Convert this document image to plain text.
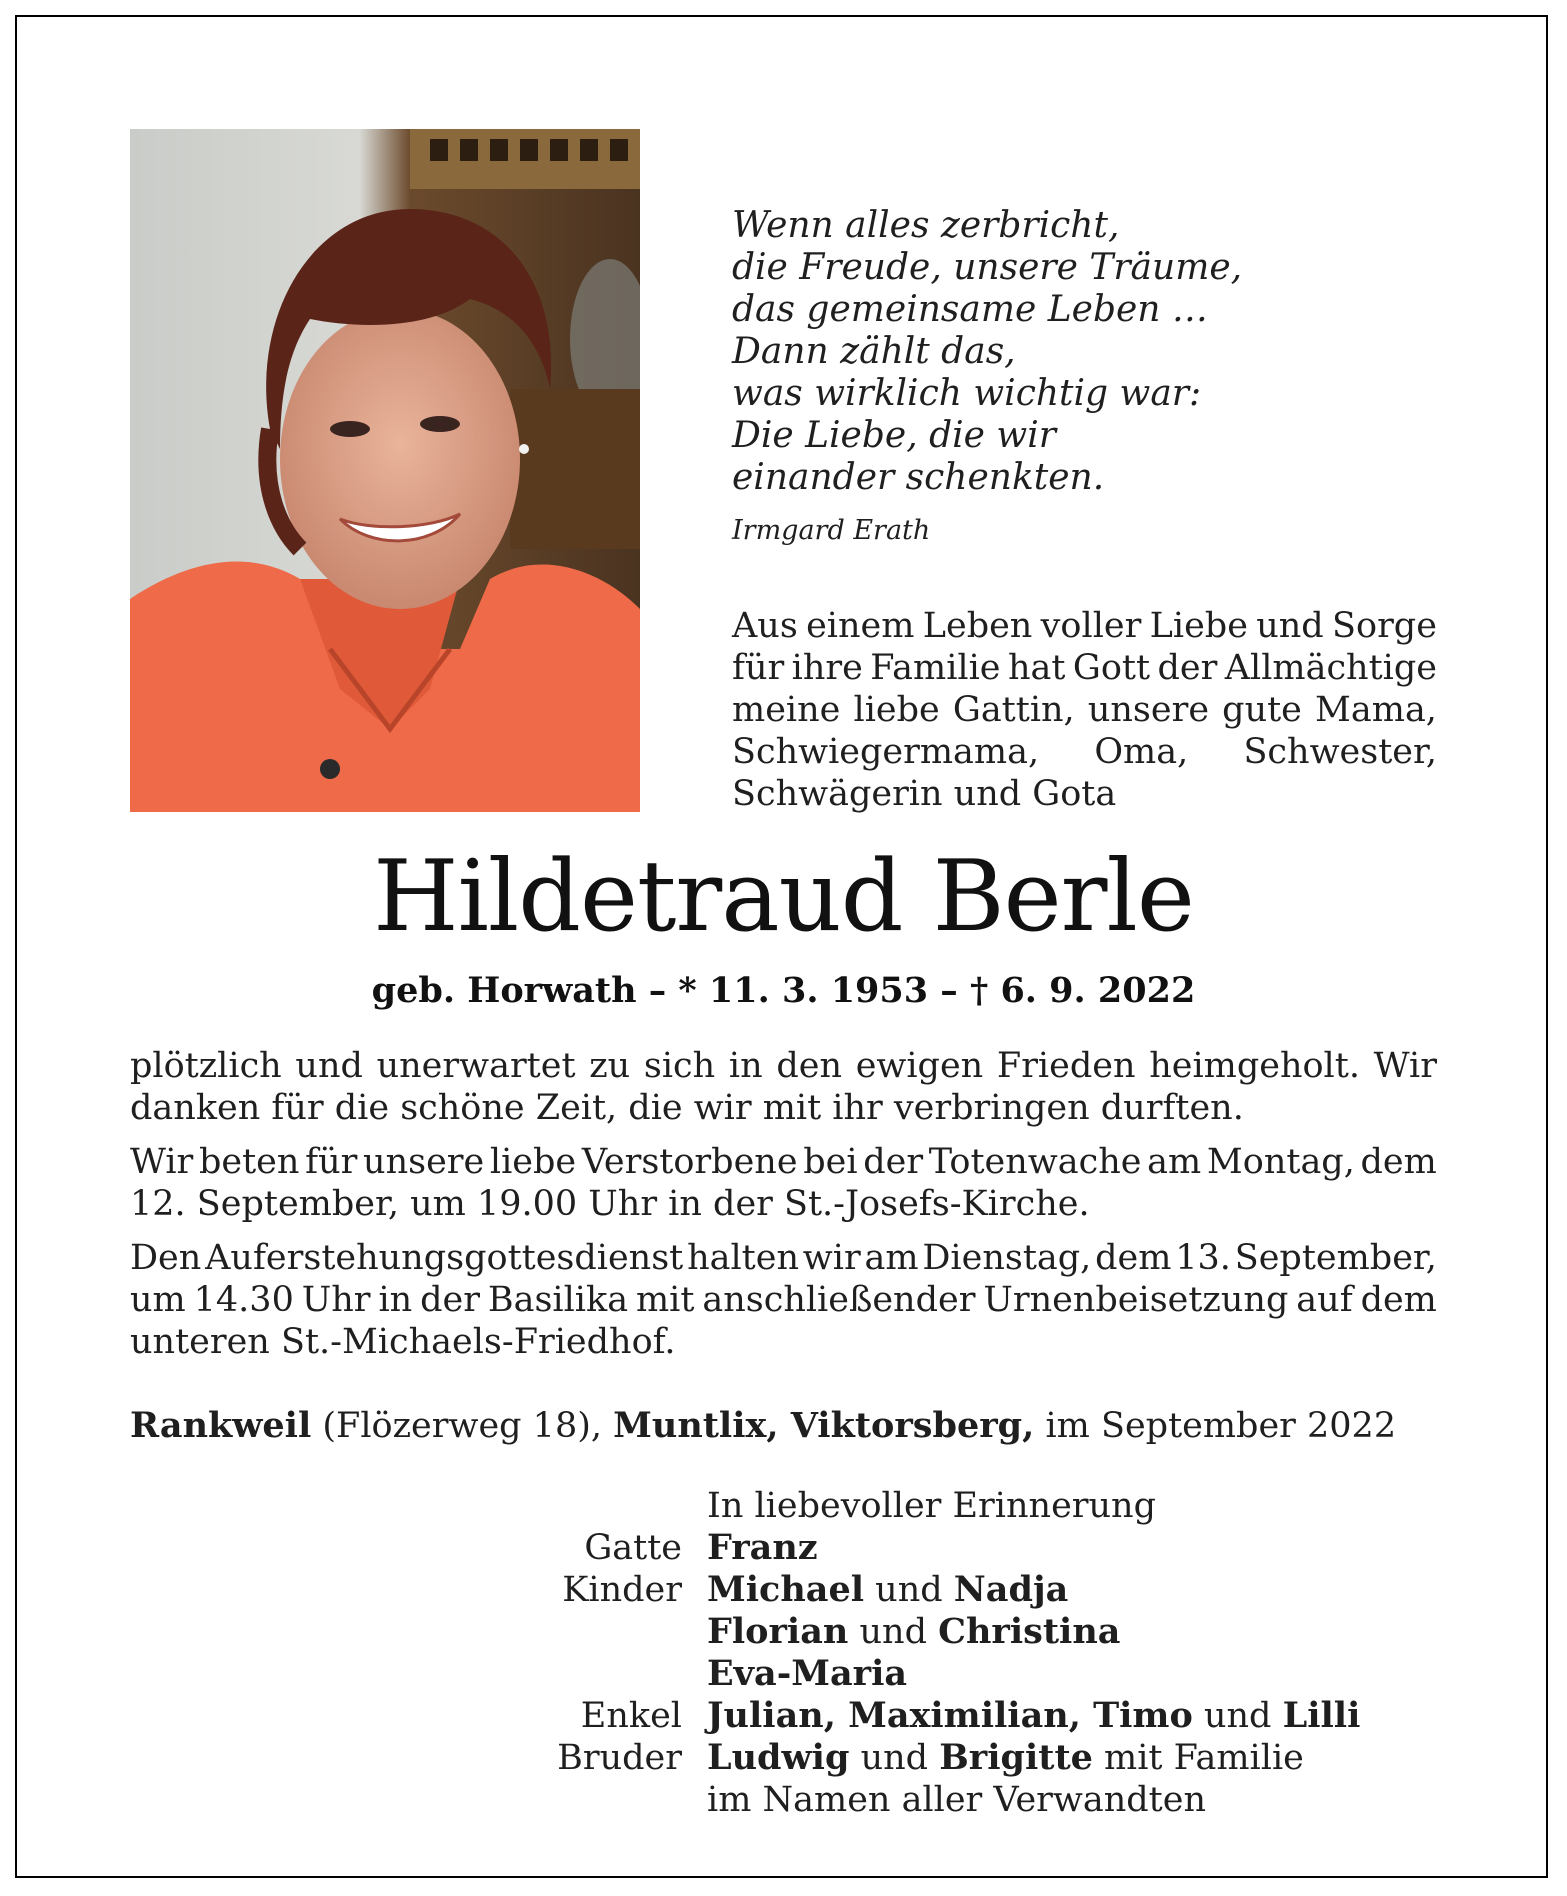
Wenn alles zerbricht,
die Freude, unsere Träume,
das gemeinsame Leben …
Dann zählt das,
was wirklich wichtig war:
Die Liebe, die wir
einander schenkten.
Irmgard Erath
Aus einem Leben voller Liebe und Sorge
für ihre Familie hat Gott der Allmächtige
meine liebe Gattin, unsere gute Mama,
Schwiegermama, Oma, Schwester,
Schwägerin und Gota
Hildetraud Berle
geb. Horwath – * 11. 3. 1953 – † 6. 9. 2022
plötzlich und unerwartet zu sich in den ewigen Frieden heimgeholt. Wir
danken für die schöne Zeit, die wir mit ihr verbringen durften.
Wir beten für unsere liebe Verstorbene bei der Totenwache am Montag, dem
12. September, um 19.00 Uhr in der St.-Josefs-Kirche.
Den Auferstehungsgottesdienst halten wir am Dienstag, dem 13. September,
um 14.30 Uhr in der Basilika mit anschließender Urnenbeisetzung auf dem
unteren St.-Michaels-Friedhof.
Rankweil (Flözerweg 18), Muntlix, Viktorsberg, im September 2022
In liebevoller Erinnerung
Gatte Franz
Kinder Michael und Nadja
Florian und Christina
Eva-Maria
Enkel Julian, Maximilian, Timo und Lilli
Bruder Ludwig und Brigitte mit Familie
im Namen aller Verwandten
